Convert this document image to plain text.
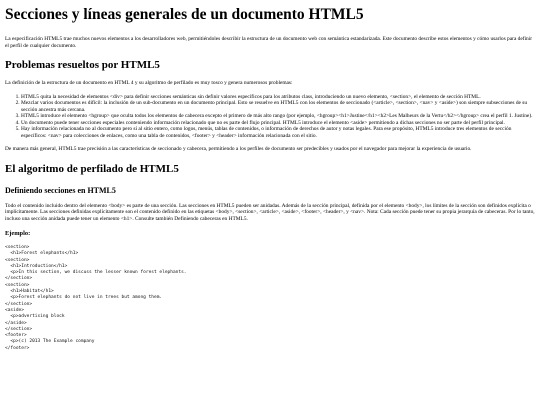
Secciones y líneas generales de un documento HTML5

La especificación HTML5 trae muchos nuevos elementos a los desarrolladores web, permitiéndoles describir la estructura de un documento web con semántica estandarizada. Este documento describe estos elementos y cómo usarlos para definir el perfil de cualquier documento.

Problemas resueltos por HTML5

La definición de la estructura de un documento en HTML 4 y su algoritmo de perfilado es muy tosco y genera numerosos problemas:

1. HTML5 quita la necesidad de elementos <div> para definir secciones semánticas sin definir valores específicos para los atributos class, introduciendo un nuevo elemento, <section>, el elemento de sección HTML.
2. Mezclar varios documentos es difícil: la inclusión de un sub-documento en un documento principal. Esto se resuelve en HTML5 con los elementos de seccionado (<article>, <section>, <nav> y <aside>) son siempre subsecciones de su sección ancestra más cercana.
3. HTML5 introduce el elemento <hgroup> que oculta todos los elementos de cabecera excepto el primero de más alto rango (por ejemplo, <hgroup><h1>Justine</h1><h2>Les Malheurs de la Vertu</h2></hgroup> crea el perfil 1. Justine).
4. Un documento puede tener secciones especiales conteniendo información relacionado que no es parte del flujo principal. HTML5 introduce el elemento <aside> permitiendo a dichas secciones no ser parte del perfil principal.
5. Hay información relacionada no al documento pero sí al sitio entero, como logos, menús, tablas de contenidos, o información de derechos de autor y notas legales. Para ese propósito, HTML5 introduce tres elementos de sección específicos: <nav> para colecciones de enlaces, como una tabla de contenidos, <footer> y <header> información relacionada con el sitio.

De manera más general, HTML5 trae precisión a las características de seccionado y cabecera, permitiendo a los perfiles de documento ser predecibles y usados por el navegador para mejorar la experiencia de usuario.

El algoritmo de perfilado de HTML5
Definiendo secciones en HTML5

Todo el contenido incluido dentro del elemento <body> es parte de una sección. Las secciones en HTML5 pueden ser anidadas. Además de la sección principal, definida por el elemento <body>, los límites de la sección son definidos explícita o implícitamente. Las secciones definidas explícitamente son el contenido definido en las etiquetas <body>, <section>, <article>, <aside>, <footer>, <header>, y <nav>. Nota: Cada sección puede tener su propia jerarquía de cabeceras. Por lo tanto, incluso una sección anidada puede tener un elemento <h1>. Consulte también Definiendo cabeceras en HTML5.

Ejemplo:
<section>
<h1>Forest elephants</h1>
<section>
<h1>Introduction</h1>
<p>In this section, we discuss the lesser known forest elephants.
</section>
<section>
<h1>Habitat</h1>
<p>Forest elephants do not live in trees but among them.
</section>
<aside>
<p>advertising block
</aside>
</section>
<footer>
<p>(c) 2013 The Example company
</footer>
